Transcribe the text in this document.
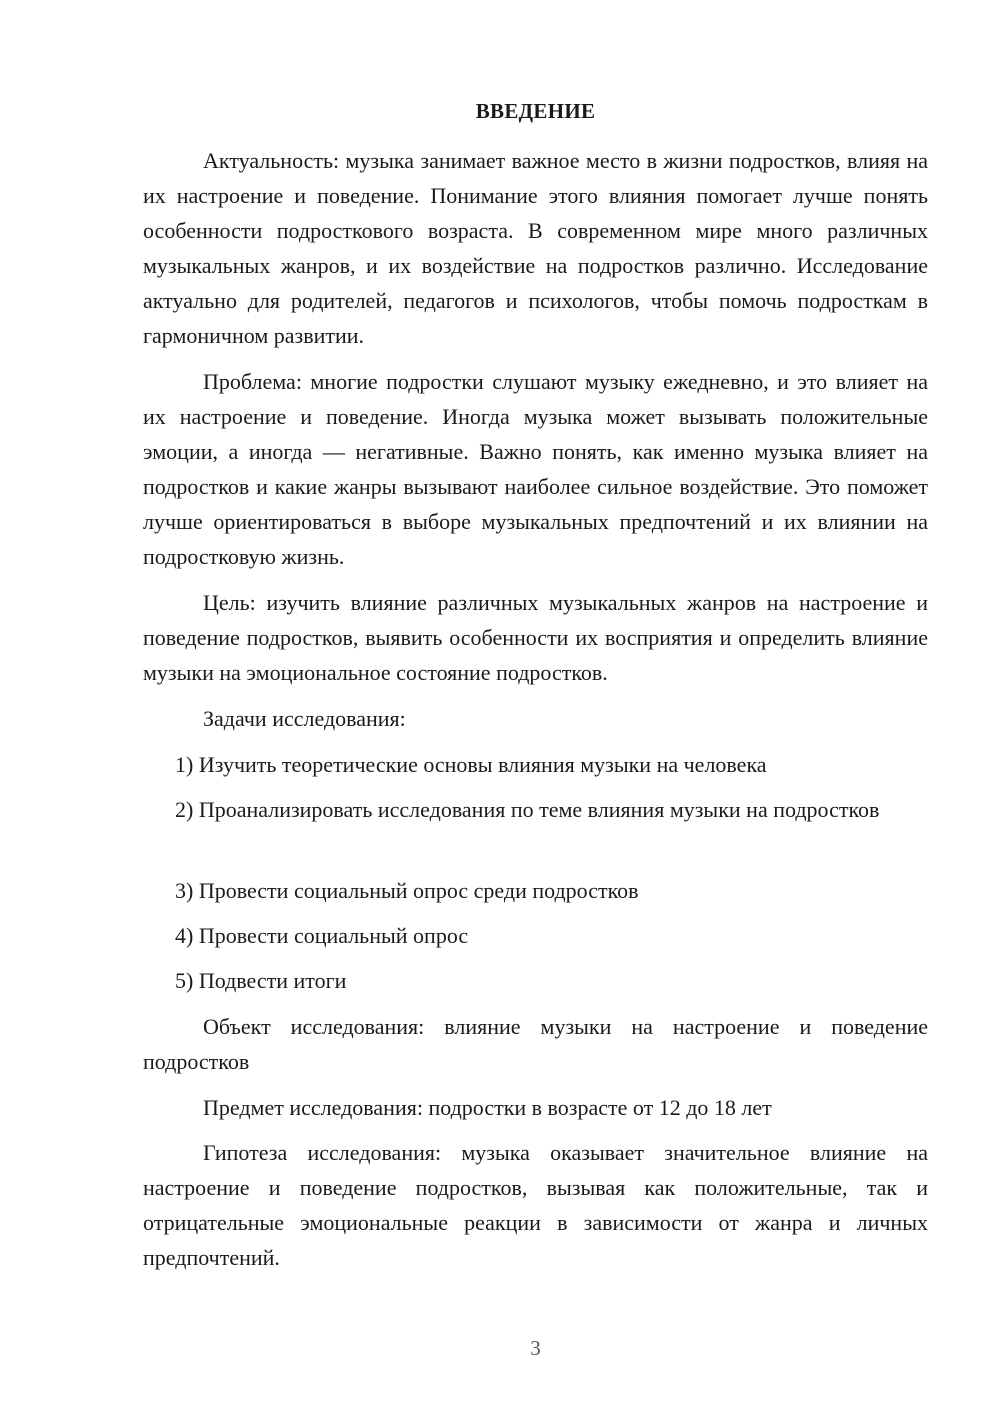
ВВЕДЕНИЕ

Актуальность: музыка занимает важное место в жизни подростков, влияя на их настроение и поведение. Понимание этого влияния помогает лучше понять особенности подросткового возраста. В современном мире много различных музыкальных жанров, и их воздействие на подростков различно. Исследование актуально для родителей, педагогов и психологов, чтобы помочь подросткам в гармоничном развитии.

Проблема: многие подростки слушают музыку ежедневно, и это влияет на их настроение и поведение. Иногда музыка может вызывать положительные эмоции, а иногда — негативные. Важно понять, как именно музыка влияет на подростков и какие жанры вызывают наиболее сильное воздействие. Это поможет лучше ориентироваться в выборе музыкальных предпочтений и их влиянии на подростковую жизнь.

Цель: изучить влияние различных музыкальных жанров на настроение и поведение подростков, выявить особенности их восприятия и определить влияние музыки на эмоциональное состояние подростков.

Задачи исследования:

1) Изучить теоретические основы влияния музыки на человека

2) Проанализировать исследования по теме влияния музыки на подростков

3) Провести социальный опрос среди подростков

4) Провести социальный опрос

5) Подвести итоги

Объект исследования: влияние музыки на настроение и поведение подростков

Предмет исследования: подростки в возрасте от 12 до 18 лет

Гипотеза исследования: музыка оказывает значительное влияние на настроение и поведение подростков, вызывая как положительные, так и отрицательные эмоциональные реакции в зависимости от жанра и личных предпочтений.

3
